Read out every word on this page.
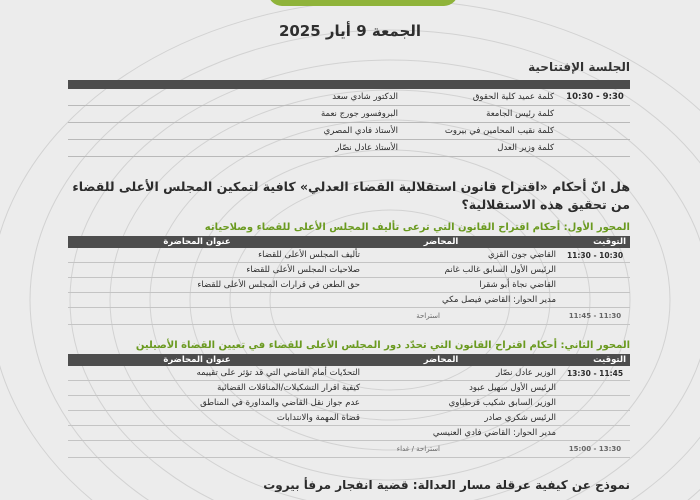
الجمعة 9 أيار 2025
الجلسة الإفتتاحية
9:30 - 10:30
كلمة عميد كلية الحقوق
الدكتور شادي سعد
كلمة رئيس الجامعة
البروفسور جورج نعمة
كلمة نقيب المحامين في بيروت
الأستاذ فادي المصري
كلمة وزير العدل
الأستاذ عادل نصّار
هل انّ أحكام «اقتراح قانون استقلالية القضاء العدلي» كافية لتمكين المجلس الأعلى للقضاء من تحقيق هذه الاستقلالية؟
المحور الأول: أحكام اقتراح القانون التي ترعى تأليف المجلس الأعلى للقضاء وصلاحياته
التوقيت
المحاضر
عنوان المحاضرة
10:30 - 11:30
القاضي جون القزي
تأليف المجلس الأعلى للقضاء
الرئيس الأول السابق غالب غانم
صلاحيات المجلس الأعلى للقضاء
القاضي نجاة أبو شقرا
حق الطعن في قرارات المجلس الأعلى للقضاء
مدير الحوار: القاضي فيصل مكي
11:30 - 11:45
استراحة
المحور الثاني: أحكام اقتراح القانون التي تحدّد دور المجلس الأعلى للقضاء في تعيين القضاة الأصيلين
التوقيت
المحاضر
عنوان المحاضرة
11:45 - 13:30
الوزير عادل نصّار
التحدّيات أمام القاضي التي قد تؤثر على تقييمه
الرئيس الأول سهيل عبود
كيفية اقرار التشكيلات/المناقلات القضائية
الوزير السابق شكيب قرطباوي
عدم جواز نقل القاضي والمداورة في المناطق
الرئيس شكري صادر
قضاة المهمة والانتدابات
مدير الحوار: القاضي فادي العنيسي
13:30 - 15:00
استراحة / غداء
نموذج عن كيفية عرقلة مسار العدالة: قضية انفجار مرفأ بيروت
